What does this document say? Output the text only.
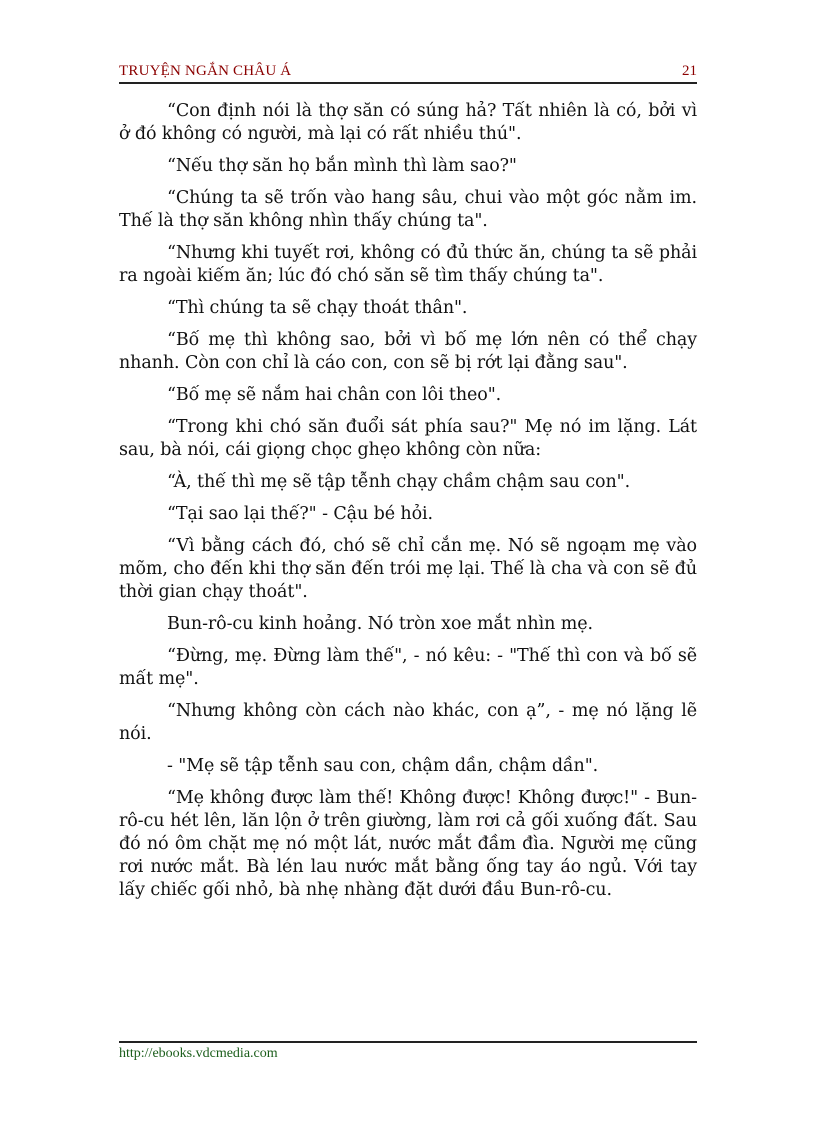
TRUYỆN NGẮN CHÂU Á	21

“Con định nói là thợ săn có súng hả? Tất nhiên là có, bởi vì ở đó không có người, mà lại có rất nhiều thú".

“Nếu thợ săn họ bắn mình thì làm sao?"

“Chúng ta sẽ trốn vào hang sâu, chui vào một góc nằm im. Thế là thợ săn không nhìn thấy chúng ta".

“Nhưng khi tuyết rơi, không có đủ thức ăn, chúng ta sẽ phải ra ngoài kiếm ăn; lúc đó chó săn sẽ tìm thấy chúng ta".

“Thì chúng ta sẽ chạy thoát thân".

“Bố mẹ thì không sao, bởi vì bố mẹ lớn nên có thể chạy nhanh. Còn con chỉ là cáo con, con sẽ bị rớt lại đằng sau".

“Bố mẹ sẽ nắm hai chân con lôi theo".

“Trong khi chó săn đuổi sát phía sau?" Mẹ nó im lặng. Lát sau, bà nói, cái giọng chọc ghẹo không còn nữa:

“À, thế thì mẹ sẽ tập tễnh chạy chầm chậm sau con".

“Tại sao lại thế?" - Cậu bé hỏi.

“Vì bằng cách đó, chó sẽ chỉ cắn mẹ. Nó sẽ ngoạm mẹ vào mõm, cho đến khi thợ săn đến trói mẹ lại. Thế là cha và con sẽ đủ thời gian chạy thoát".

Bun-rô-cu kinh hoảng. Nó tròn xoe mắt nhìn mẹ.

“Đừng, mẹ. Đừng làm thế", - nó kêu: - "Thế thì con và bố sẽ mất mẹ".

“Nhưng không còn cách nào khác, con ạ”, - mẹ nó lặng lẽ nói.

- "Mẹ sẽ tập tễnh sau con, chậm dần, chậm dần".

“Mẹ không được làm thế! Không được! Không được!" - Bun-rô-cu hét lên, lăn lộn ở trên giường, làm rơi cả gối xuống đất. Sau đó nó ôm chặt mẹ nó một lát, nước mắt đầm đìa. Người mẹ cũng rơi nước mắt. Bà lén lau nước mắt bằng ống tay áo ngủ. Với tay lấy chiếc gối nhỏ, bà nhẹ nhàng đặt dưới đầu Bun-rô-cu.

http://ebooks.vdcmedia.com
